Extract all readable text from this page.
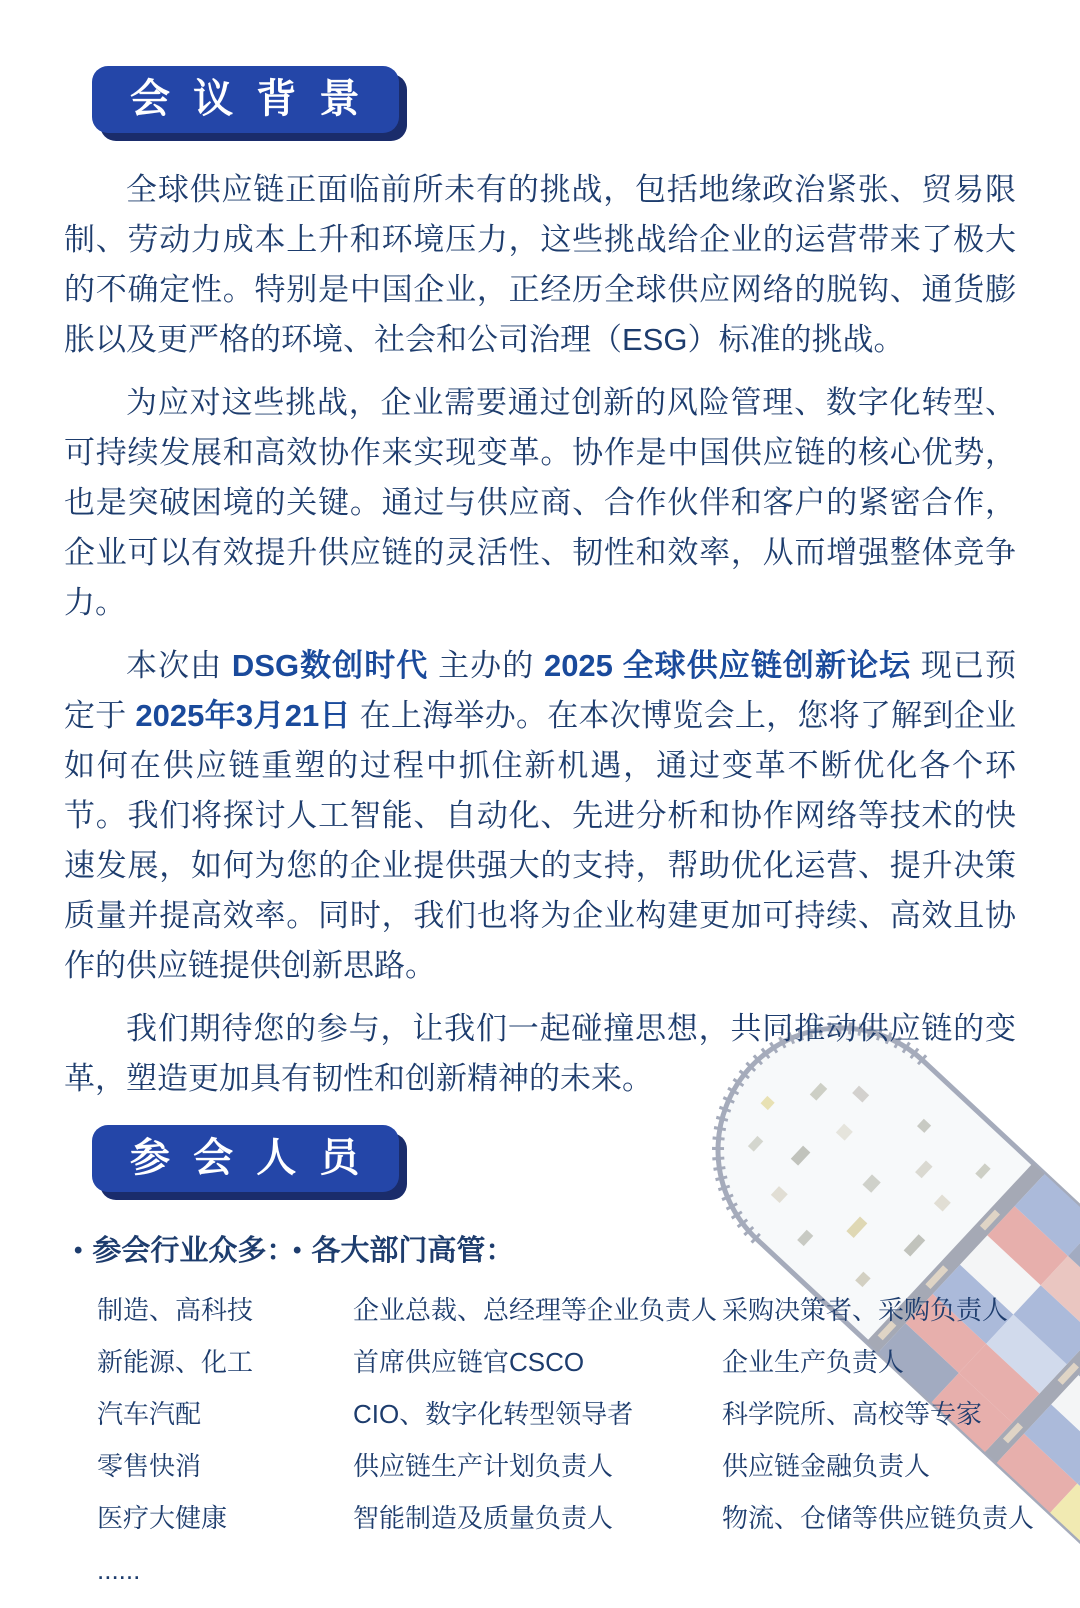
会 议 背 景

全球供应链正面临前所未有的挑战，包括地缘政治紧张、贸易限制、劳动力成本上升和环境压力，这些挑战给企业的运营带来了极大的不确定性。特别是中国企业，正经历全球供应网络的脱钩、通货膨胀以及更严格的环境、社会和公司治理（ESG）标准的挑战。

为应对这些挑战，企业需要通过创新的风险管理、数字化转型、可持续发展和高效协作来实现变革。协作是中国供应链的核心优势，也是突破困境的关键。通过与供应商、合作伙伴和客户的紧密合作，企业可以有效提升供应链的灵活性、韧性和效率，从而增强整体竞争力。

本次由 DSG数创时代 主办的 2025 全球供应链创新论坛 现已预定于 2025年3月21日 在上海举办。在本次博览会上，您将了解到企业如何在供应链重塑的过程中抓住新机遇，通过变革不断优化各个环节。我们将探讨人工智能、自动化、先进分析和协作网络等技术的快速发展，如何为您的企业提供强大的支持，帮助优化运营、提升决策质量并提高效率。同时，我们也将为企业构建更加可持续、高效且协作的供应链提供创新思路。

我们期待您的参与，让我们一起碰撞思想，共同推动供应链的变革，塑造更加具有韧性和创新精神的未来。

参 会 人 员
• 参会行业众多：
制造、高科技
新能源、化工
汽车汽配
零售快消
医疗大健康
......
• 各大部门高管：
企业总裁、总经理等企业负责人
首席供应链官CSCO
CIO、数字化转型领导者
供应链生产计划负责人
智能制造及质量负责人
采购决策者、采购负责人
企业生产负责人
科学院所、高校等专家
供应链金融负责人
物流、仓储等供应链负责人
